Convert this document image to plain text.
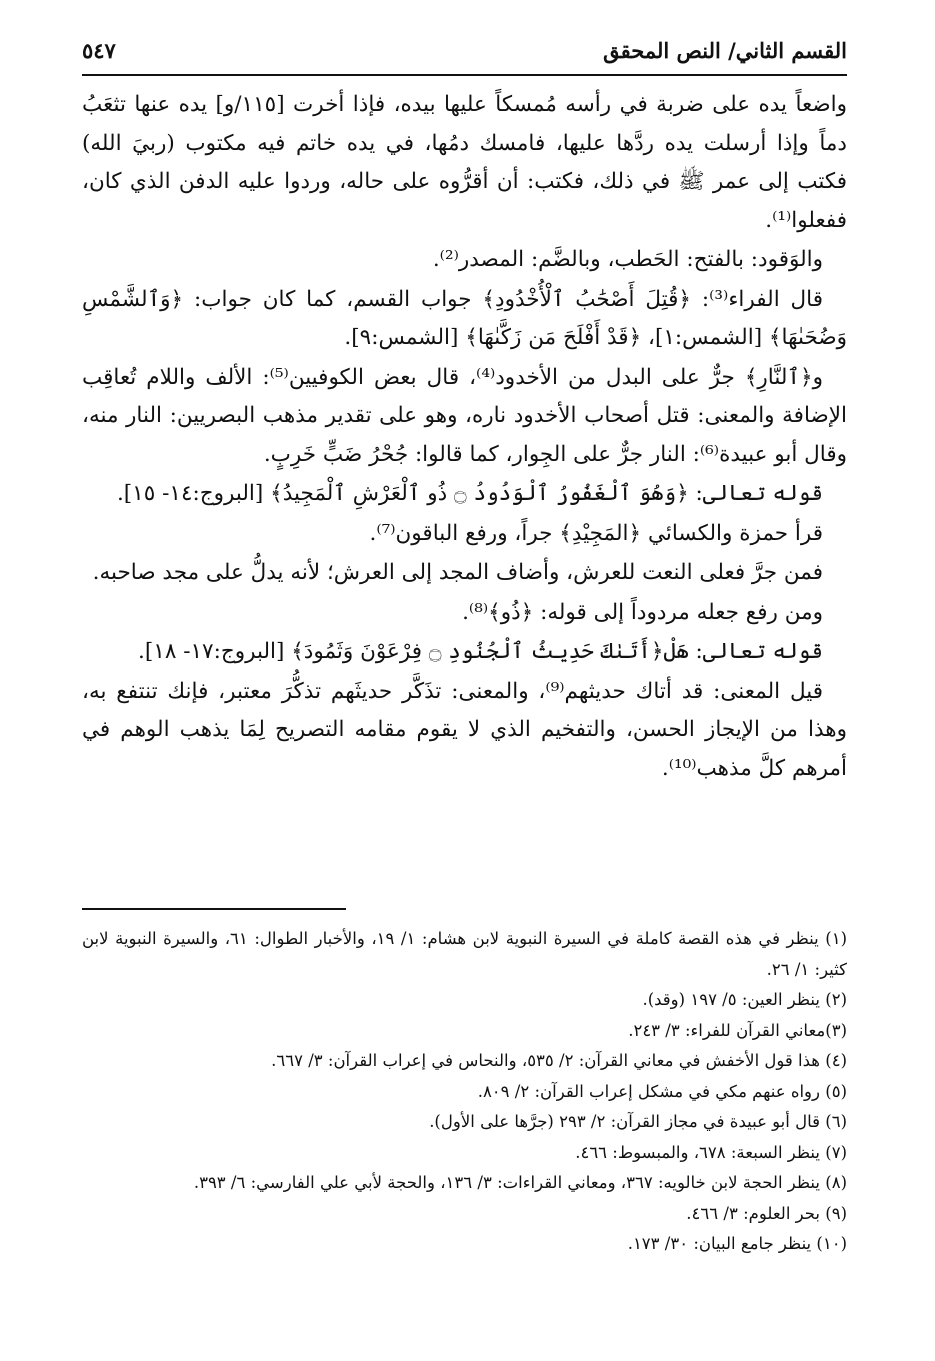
القسم الثاني/ النص المحقق
٥٤٧

واضعاً يده على ضربة في رأسه مُمسكاً عليها بيده، فإذا أخرت [١١٥/و] يده عنها تثعَبُ دماً وإذا أرسلت يده ردَّها عليها، فامسك دمُها، في يده خاتم فيه مكتوب (ربيَ الله) فكتب إلى عمر ﷺ في ذلك، فكتب: أن أقرُّوه على حاله، وردوا عليه الدفن الذي كان، ففعلوا⁽¹⁾.

والوَقود: بالفتح: الحَطب، وبالضَّم: المصدر⁽²⁾.

قال الفراء⁽³⁾: ﴿قُتِلَ أَصْحَٰبُ ٱلْأُخْدُودِ﴾ جواب القسم، كما كان جواب: ﴿وَٱلشَّمْسِ وَضُحَىٰهَا﴾ [الشمس:١]، ﴿قَدْ أَفْلَحَ مَن زَكَّىٰهَا﴾ [الشمس:٩].

و﴿ٱلنَّارِ﴾ جرٌّ على البدل من الأخدود⁽⁴⁾، قال بعض الكوفيين⁽⁵⁾: الألف واللام تُعاقِب الإضافة والمعنى: قتل أصحاب الأخدود ناره، وهو على تقدير مذهب البصريين: النار منه، وقال أبو عبيدة⁽⁶⁾: النار جرٌّ على الجِوار، كما قالوا: جُحْرُ ضَبٍّ خَرِبٍ.

قوله تعالى: ﴿وَهُوَ ٱلْغَفُورُ ٱلْوَدُودُ ۝ ذُو ٱلْعَرْشِ ٱلْمَجِيدُ﴾ [البروج:١٤- ١٥].

قرأ حمزة والكسائي ﴿المَجِيْدِ﴾ جراً، ورفع الباقون⁽⁷⁾.

فمن جرَّ فعلى النعت للعرش، وأضاف المجد إلى العرش؛ لأنه يدلُّ على مجد صاحبه.

ومن رفع جعله مردوداً إلى قوله: ﴿ذُو﴾⁽⁸⁾.

قوله تعالى: هَلْ﴿أَتَىٰكَ حَدِيثُ ٱلْجُنُودِ ۝ فِرْعَوْنَ وَثَمُودَ﴾ [البروج:١٧- ١٨].

قيل المعنى: قد أتاك حديثهم⁽⁹⁾، والمعنى: تذَكَّر حديثَهم تذكُّرَ معتبر، فإنك تنتفع به، وهذا من الإيجاز الحسن، والتفخيم الذي لا يقوم مقامه التصريح لِمَا يذهب الوهم في أمرهم كلَّ مذهب⁽¹⁰⁾.

(١) ينظر في هذه القصة كاملة في السيرة النبوية لابن هشام: ١/ ١٩، والأخبار الطوال: ٦١، والسيرة النبوية لابن كثير: ١/ ٢٦.

(٢) ينظر العين: ٥/ ١٩٧ (وقد).

(٣)معاني القرآن للفراء: ٣/ ٢٤٣.

(٤) هذا قول الأخفش في معاني القرآن: ٢/ ٥٣٥، والنحاس في إعراب القرآن: ٣/ ٦٦٧.

(٥) رواه عنهم مكي في مشكل إعراب القرآن: ٢/ ٨٠٩.

(٦) قال أبو عبيدة في مجاز القرآن: ٢/ ٢٩٣ (جرَّها على الأول).

(٧) ينظر السبعة: ٦٧٨، والمبسوط: ٤٦٦.

(٨) ينظر الحجة لابن خالويه: ٣٦٧، ومعاني القراءات: ٣/ ١٣٦، والحجة لأبي علي الفارسي: ٦/ ٣٩٣.

(٩) بحر العلوم: ٣/ ٤٦٦.

(١٠) ينظر جامع البيان: ٣٠/ ١٧٣.
